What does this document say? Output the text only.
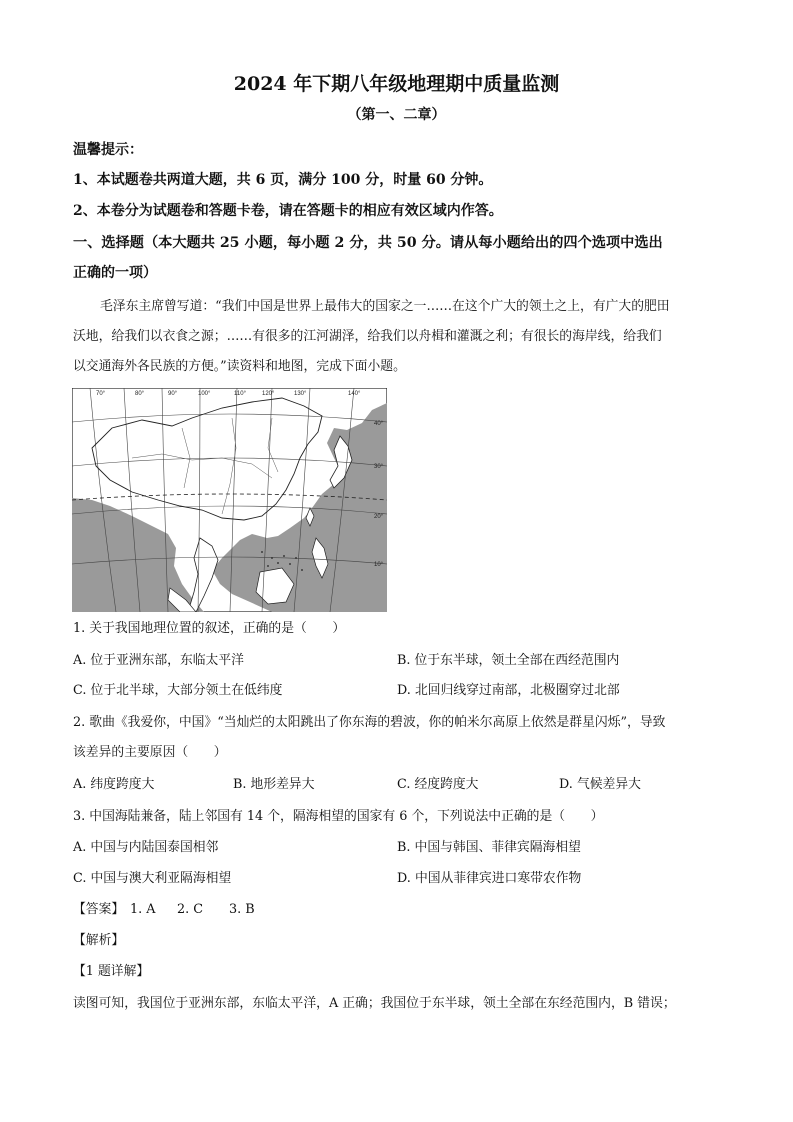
2024 年下期八年级地理期中质量监测
（第一、二章）
温馨提示：
1、本试题卷共两道大题，共 6 页，满分 100 分，时量 60 分钟。
2、本卷分为试题卷和答题卡卷，请在答题卡的相应有效区域内作答。
一、选择题（本大题共 25 小题，每小题 2 分，共 50 分。请从每小题给出的四个选项中选出
正确的一项）
毛泽东主席曾写道：“我们中国是世界上最伟大的国家之一……在这个广大的领土之上，有广大的肥田
沃地，给我们以衣食之源；……有很多的江河湖泽，给我们以舟楫和灌溉之利；有很长的海岸线，给我们
以交通海外各民族的方便。”读资料和地图，完成下面小题。
70°	80°	90°	100°	110°	120°	130°	140°
40°
30°
20°
10°
1. 关于我国地理位置的叙述，正确的是（　　）
A. 位于亚洲东部，东临太平洋	B. 位于东半球，领土全部在西经范围内
C. 位于北半球，大部分领土在低纬度	D. 北回归线穿过南部，北极圈穿过北部
2. 歌曲《我爱你，中国》“当灿烂的太阳跳出了你东海的碧波，你的帕米尔高原上依然是群星闪烁”，导致
该差异的主要原因（　　）
A. 纬度跨度大	B. 地形差异大	C. 经度跨度大	D. 气候差异大
3. 中国海陆兼备，陆上邻国有 14 个，隔海相望的国家有 6 个，下列说法中正确的是（　　）
A. 中国与内陆国泰国相邻	B. 中国与韩国、菲律宾隔海相望
C. 中国与澳大利亚隔海相望	D. 中国从菲律宾进口寒带农作物
【答案】 1. A 2. C 3. B
【解析】
【1 题详解】
读图可知，我国位于亚洲东部，东临太平洋，A 正确；我国位于东半球，领土全部在东经范围内，B 错误；
